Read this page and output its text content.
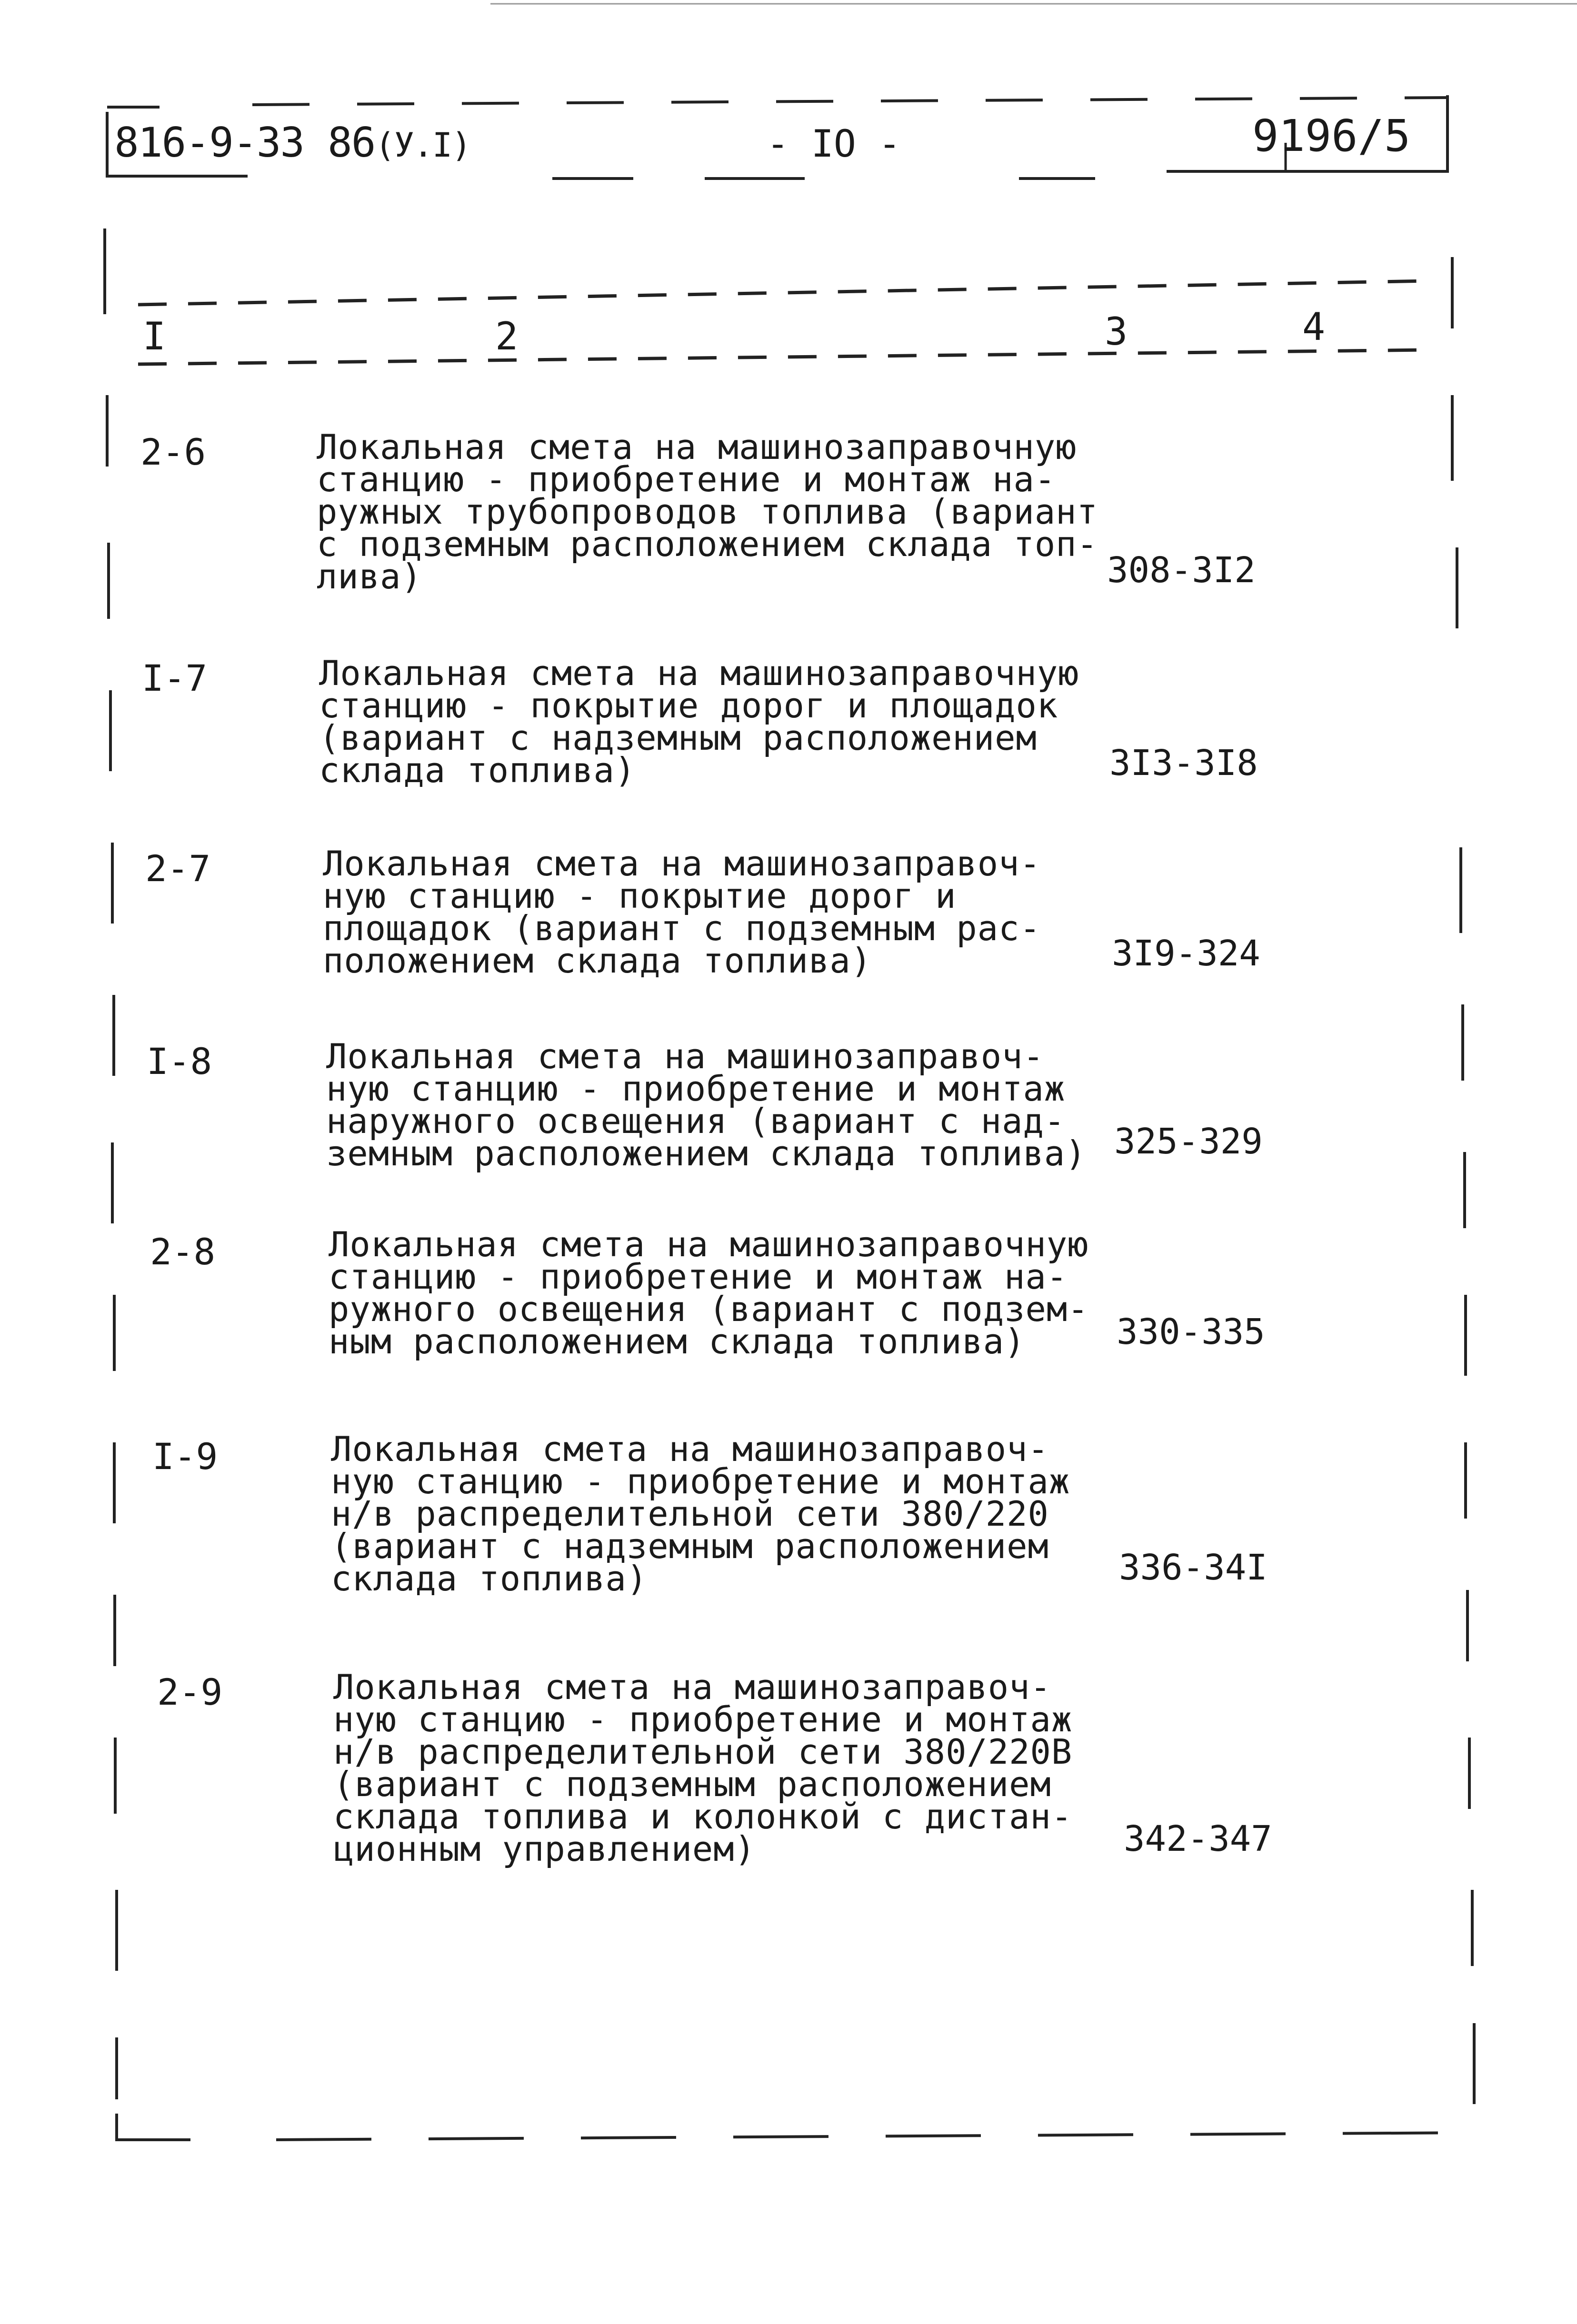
816-9-33 86(У.I)	- IO -	9196/5
I	2	3	4
2-6	Локальная смета на машинозаправочную
станцию - приобретение и монтаж на-
ружных трубопроводов топлива (вариант
с подземным расположением склада топ-
лива)	308-3I2
I-7	Локальная смета на машинозаправочную
станцию - покрытие дорог и площадок
(вариант с надземным расположением
склада топлива)	3I3-3I8
2-7	Локальная смета на машинозаправоч-
ную станцию - покрытие дорог и
площадок (вариант с подземным рас-
положением склада топлива)	3I9-324
I-8	Локальная смета на машинозаправоч-
ную станцию - приобретение и монтаж
наружного освещения (вариант с над-
земным расположением склада топлива) 325-329
2-8	Локальная смета на машинозаправочную
станцию - приобретение и монтаж на-
ружного освещения (вариант с подзем-
ным расположением склада топлива)	330-335
I-9	Локальная смета на машинозаправоч-
ную станцию - приобретение и монтаж
н/в распределительной сети 380/220
(вариант с надземным расположением
склада топлива)	336-34I
2-9	Локальная смета на машинозаправоч-
ную станцию - приобретение и монтаж
н/в распределительной сети 380/220В
(вариант с подземным расположением
склада топлива и колонкой с дистан-
ционным управлением)	342-347
